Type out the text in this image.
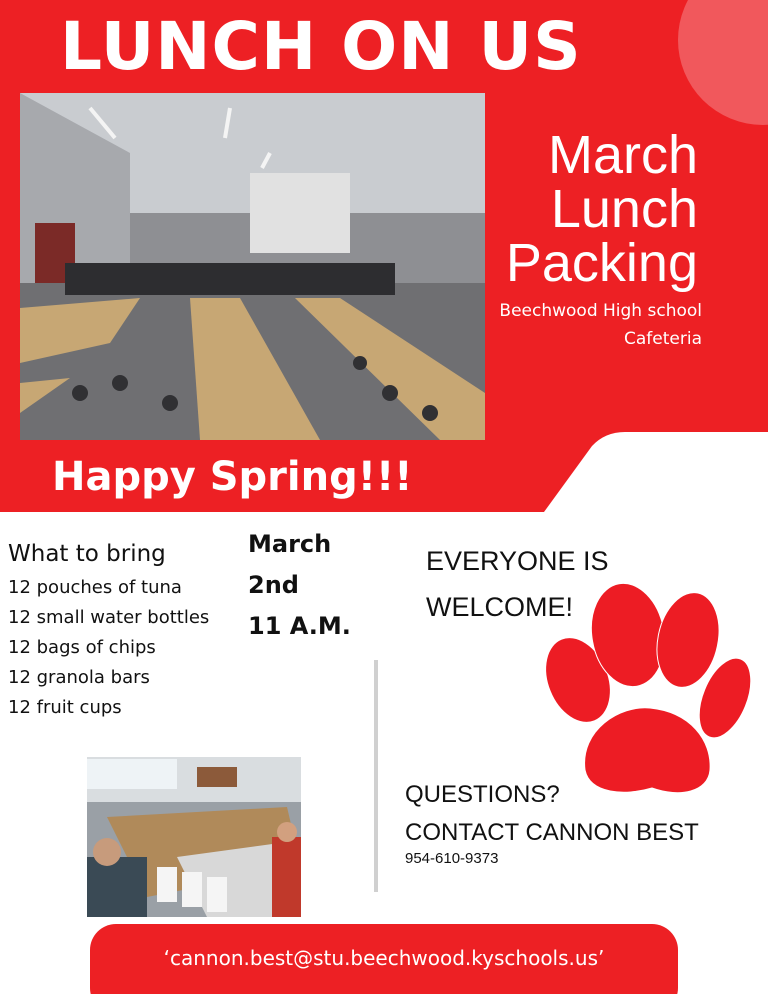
LUNCH ON US
March
Lunch
Packing
Beechwood High school
Cafeteria
Happy Spring!!!
What to bring
12 pouches of tuna
12 small water bottles
12 bags of chips
12 granola bars
12 fruit cups
March
2nd
11 A.M.
EVERYONE IS WELCOME!
QUESTIONS?
CONTACT CANNON BEST
954-610-9373
‘cannon.best@stu.beechwood.kyschools.us’
